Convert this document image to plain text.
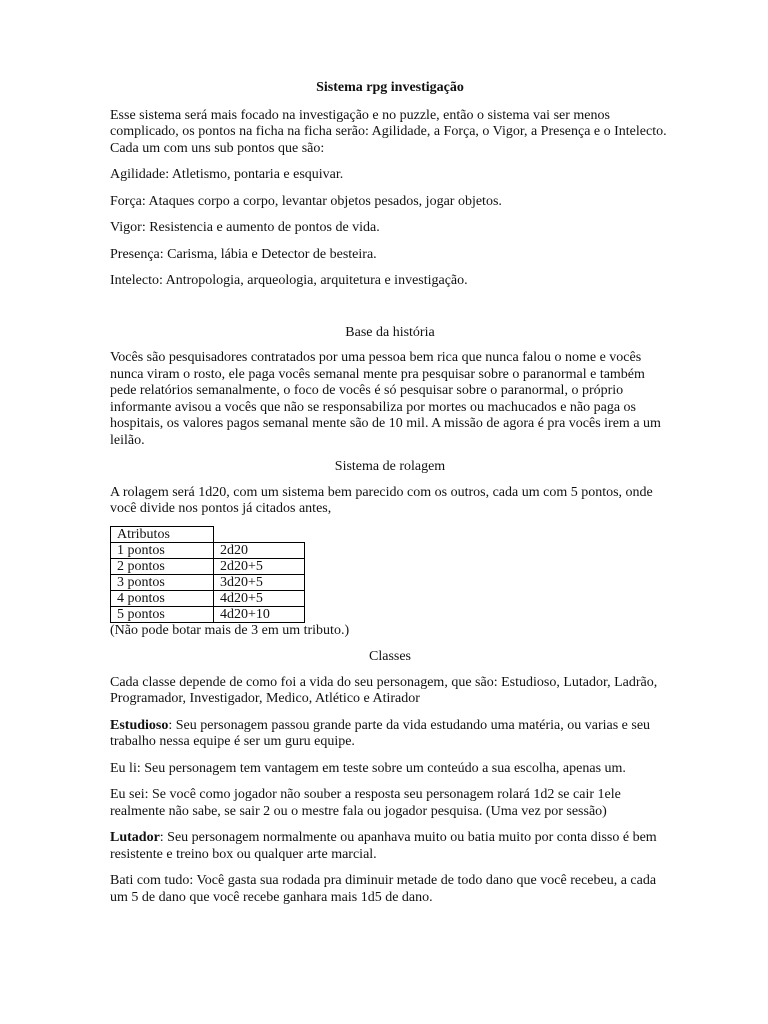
Sistema rpg investigação

Esse sistema será mais focado na investigação e no puzzle, então o sistema vai ser menos complicado, os pontos na ficha na ficha serão: Agilidade, a Força, o Vigor, a Presença e o Intelecto. Cada um com uns sub pontos que são:

Agilidade: Atletismo, pontaria e esquivar.

Força: Ataques corpo a corpo, levantar objetos pesados, jogar objetos.

Vigor: Resistencia e aumento de pontos de vida.

Presença: Carisma, lábia e Detector de besteira.

Intelecto: Antropologia, arqueologia, arquitetura e investigação.

Base da história

Vocês são pesquisadores contratados por uma pessoa bem rica que nunca falou o nome e vocês nunca viram o rosto, ele paga vocês semanal mente pra pesquisar sobre o paranormal e também pede relatórios semanalmente, o foco de vocês é só pesquisar sobre o paranormal, o próprio informante avisou a vocês que não se responsabiliza por mortes ou machucados e não paga os hospitais, os valores pagos semanal mente são de 10 mil. A missão de agora é pra vocês irem a um leilão.

Sistema de rolagem

A rolagem será 1d20, com um sistema bem parecido com os outros, cada um com 5 pontos, onde você divide nos pontos já citados antes,

Atributos	
1 pontos	2d20
2 pontos	2d20+5
3 pontos	3d20+5
4 pontos	4d20+5
5 pontos	4d20+10

(Não pode botar mais de 3 em um tributo.)

Classes

Cada classe depende de como foi a vida do seu personagem, que são: Estudioso, Lutador, Ladrão, Programador, Investigador, Medico, Atlético e Atirador

Estudioso: Seu personagem passou grande parte da vida estudando uma matéria, ou varias e seu trabalho nessa equipe é ser um guru equipe.

Eu li: Seu personagem tem vantagem em teste sobre um conteúdo a sua escolha, apenas um.

Eu sei: Se você como jogador não souber a resposta seu personagem rolará 1d2 se cair 1ele realmente não sabe, se sair 2 ou o mestre fala ou jogador pesquisa. (Uma vez por sessão)

Lutador: Seu personagem normalmente ou apanhava muito ou batia muito por conta disso é bem resistente e treino box ou qualquer arte marcial.

Bati com tudo: Você gasta sua rodada pra diminuir metade de todo dano que você recebeu, a cada um 5 de dano que você recebe ganhara mais 1d5 de dano.
